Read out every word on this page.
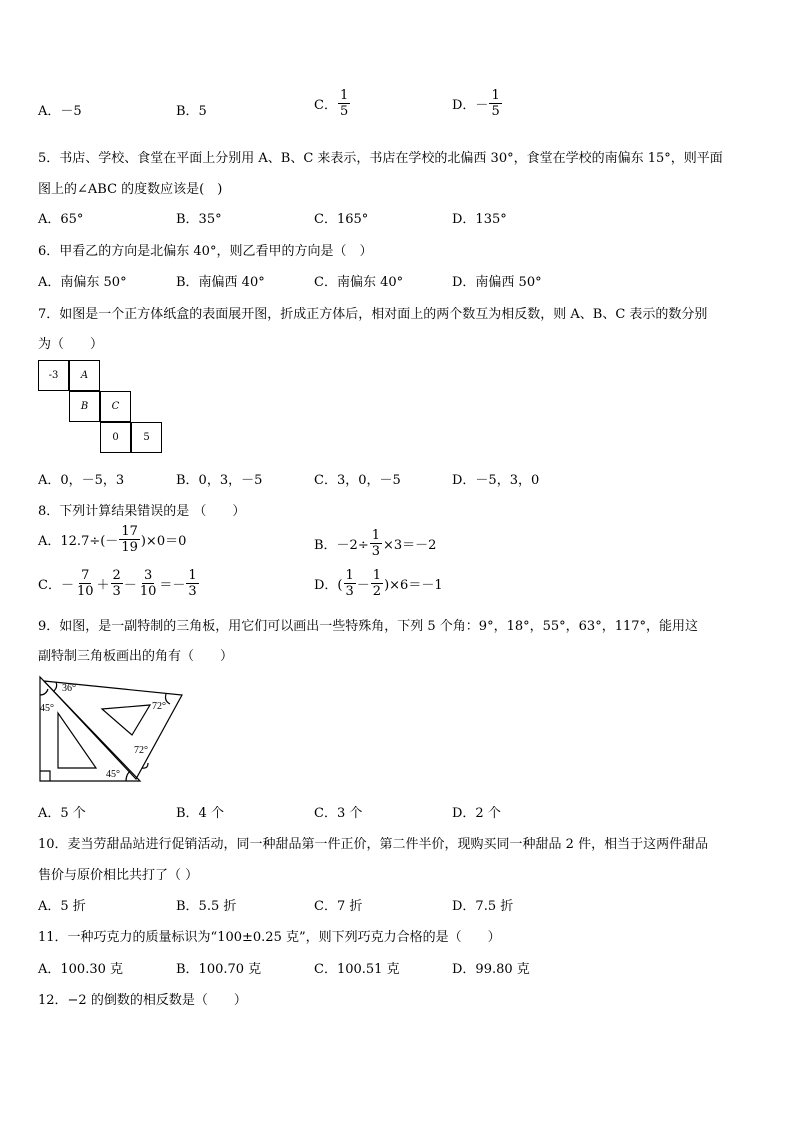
A．－5	B．5	C． $\frac{1}{5}$	D．－ $\frac{1}{5}$
5．书店、学校、食堂在平面上分别用 A、B、C 来表示，书店在学校的北偏西 30°，食堂在学校的南偏东 15°，则平面
图上的∠ABC 的度数应该是(　)
A．65°	B．35°	C．165°	D．135°
6．甲看乙的方向是北偏东 40°，则乙看甲的方向是（　）
A．南偏东 50°	B．南偏西 40°	C．南偏东 40°	D．南偏西 50°
7．如图是一个正方体纸盒的表面展开图，折成正方体后，相对面上的两个数互为相反数，则 A、B、C 表示的数分别
为（　　）
-3	A
B	C
0	5
A．0，－5，3	B．0，3，－5	C．3，0，－5	D．－5，3，0
8．下列计算结果错误的是 （　　）
A．$12.7\div(- \frac{17}{19} )\times 0=0$	B．$-2\div \frac{1}{3} \times 3=-2$
C．－ $\frac{7}{10} + \frac{2}{3} - \frac{3}{10} =- \frac{1}{3}$	D．( $\frac{1}{3} - \frac{1}{2} )\times 6=-1$
9．如图，是一副特制的三角板，用它们可以画出一些特殊角，下列 5 个角：9°，18°，55°，63°，117°，能用这
副特制三角板画出的角有（　　）
36°
45°	72°
72°
45°
A．5 个	B．4 个	C．3 个	D．2 个
10．麦当劳甜品站进行促销活动，同一种甜品第一件正价，第二件半价，现购买同一种甜品 2 件，相当于这两件甜品
售价与原价相比共打了（ ）
A．5 折	B．5.5 折	C．7 折	D．7.5 折
11．一种巧克力的质量标识为“100±0.25 克”，则下列巧克力合格的是（　　）
A．100.30 克	B．100.70 克	C．100.51 克	D．99.80 克
12．−2 的倒数的相反数是（　　）
